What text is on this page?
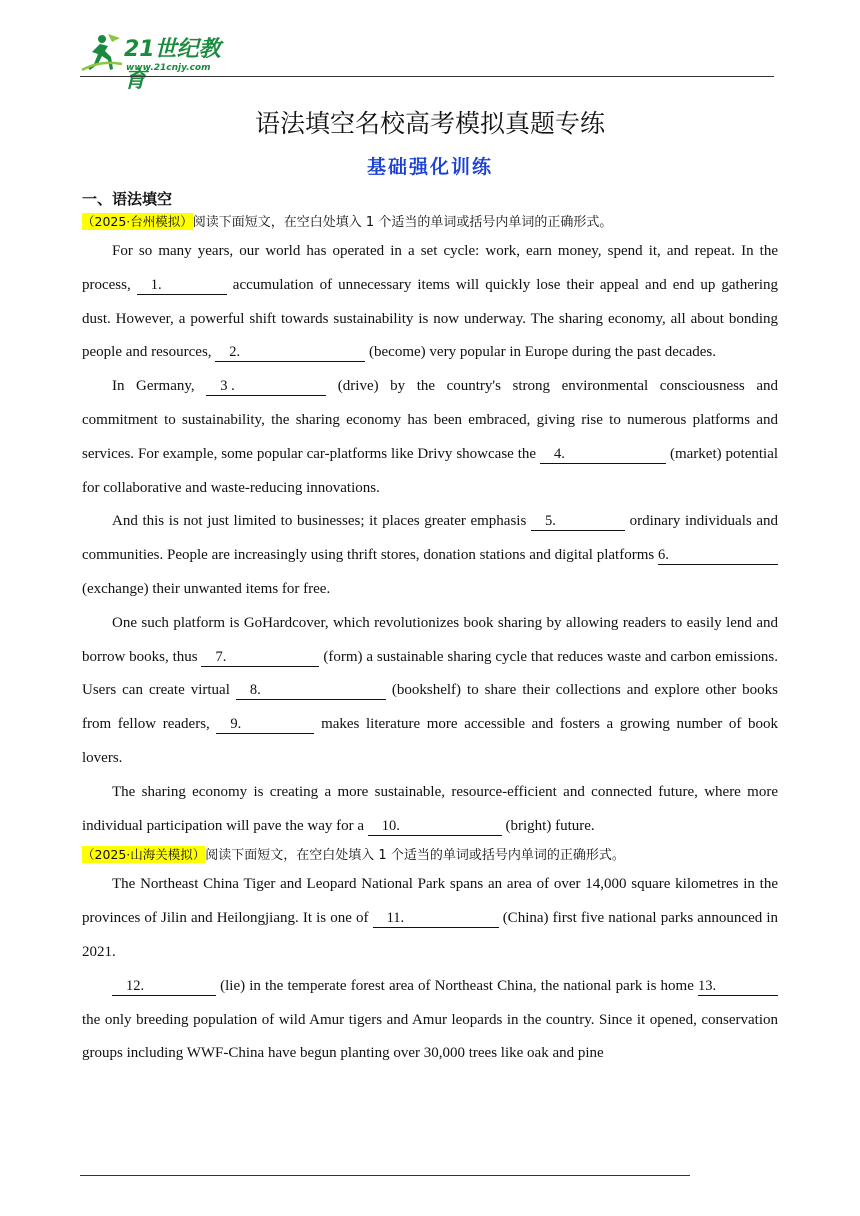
21世纪教育
www.21cnjy.com
语法填空名校高考模拟真题专练
基础强化训练
一、语法填空
（2025·台州模拟）阅读下面短文，在空白处填入 1 个适当的单词或括号内单词的正确形式。

For so many years, our world has operated in a set cycle: work, earn money, spend it, and repeat. In the process, 1.	accumulation of unnecessary items will quickly lose their appeal and end up gathering dust. However, a powerful shift towards sustainability is now underway. The sharing economy, all about bonding people and resources, 2.	(become) very popular in Europe during the past decades.

In Germany, 3 .	(drive) by the country's strong environmental consciousness and commitment to sustainability, the sharing economy has been embraced, giving rise to numerous platforms and services. For example, some popular car-platforms like Drivy showcase the 4.	(market) potential for collaborative and waste-reducing innovations.

And this is not just limited to businesses; it places greater emphasis 5.	ordinary individuals and communities. People are increasingly using thrift stores, donation stations and digital platforms 6. (exchange) their unwanted items for free.

One such platform is GoHardcover, which revolutionizes book sharing by allowing readers to easily lend and borrow books, thus 7.	(form) a sustainable sharing cycle that reduces waste and carbon emissions. Users can create virtual 8.	(bookshelf) to share their collections and explore other books from fellow readers, 9.	makes literature more accessible and fosters a growing number of book lovers.

The sharing economy is creating a more sustainable, resource-efficient and connected future, where more individual participation will pave the way for a 10.	(bright) future.

（2025·山海关模拟）阅读下面短文，在空白处填入 1 个适当的单词或括号内单词的正确形式。

The Northeast China Tiger and Leopard National Park spans an area of over 14,000 square kilometres in the provinces of Jilin and Heilongjiang. It is one of 11.	(China) first five national parks announced in 2021.

12.	(lie) in the temperate forest area of Northeast China, the national park is home 13. the only breeding population of wild Amur tigers and Amur leopards in the country. Since it opened, conservation groups including WWF-China have begun planting over 30,000 trees like oak and pine
